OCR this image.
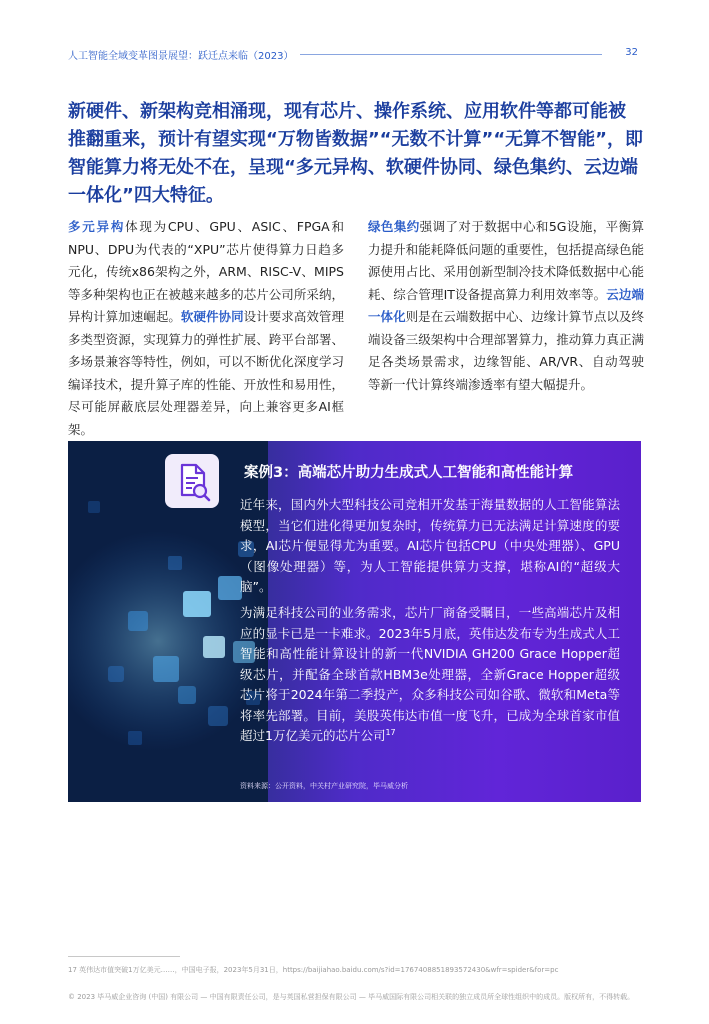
人工智能全域变革图景展望：跃迁点来临（2023）	32
新硬件、新架构竞相涌现，现有芯片、操作系统、应用软件等都可能被推翻重来，预计有望实现“万物皆数据”“无数不计算”“无算不智能”，即智能算力将无处不在，呈现“多元异构、软硬件协同、绿色集约、云边端一体化”四大特征。
多元异构体现为CPU、GPU、ASIC、FPGA和NPU、DPU为代表的“XPU”芯片使得算力日趋多元化，传统x86架构之外，ARM、RISC-V、MIPS等多种架构也正在被越来越多的芯片公司所采纳，异构计算加速崛起。软硬件协同设计要求高效管理多类型资源，实现算力的弹性扩展、跨平台部署、多场景兼容等特性，例如，可以不断优化深度学习编译技术，提升算子库的性能、开放性和易用性，尽可能屏蔽底层处理器差异，向上兼容更多AI框架。
绿色集约强调了对于数据中心和5G设施，平衡算力提升和能耗降低问题的重要性，包括提高绿色能源使用占比、采用创新型制冷技术降低数据中心能耗、综合管理IT设备提高算力利用效率等。云边端一体化则是在云端数据中心、边缘计算节点以及终端设备三级架构中合理部署算力，推动算力真正满足各类场景需求，边缘智能、AR/VR、自动驾驶等新一代计算终端渗透率有望大幅提升。
案例3：高端芯片助力生成式人工智能和高性能计算
近年来，国内外大型科技公司竞相开发基于海量数据的人工智能算法模型，当它们进化得更加复杂时，传统算力已无法满足计算速度的要求，AI芯片便显得尤为重要。AI芯片包括CPU（中央处理器）、GPU（图像处理器）等，为人工智能提供算力支撑，堪称AI的“超级大脑”。
为满足科技公司的业务需求，芯片厂商备受瞩目，一些高端芯片及相应的显卡已是一卡难求。2023年5月底，英伟达发布专为生成式人工智能和高性能计算设计的新一代NVIDIA GH200 Grace Hopper超级芯片，并配备全球首款HBM3e处理器，全新Grace Hopper超级芯片将于2024年第二季投产，众多科技公司如谷歌、微软和Meta等将率先部署。目前，美股英伟达市值一度飞升，已成为全球首家市值超过1万亿美元的芯片公司$^{17}$
资料来源：公开资料，中关村产业研究院，毕马威分析
17 英伟达市值突破1万亿美元……，中国电子报，2023年5月31日，https://baijiahao.baidu.com/s?id=1767408851893572430&wfr=spider&for=pc
© 2023 毕马威企业咨询 (中国) 有限公司 — 中国有限责任公司，是与英国私营担保有限公司 — 毕马威国际有限公司相关联的独立成员所全球性组织中的成员。版权所有，不得转载。
